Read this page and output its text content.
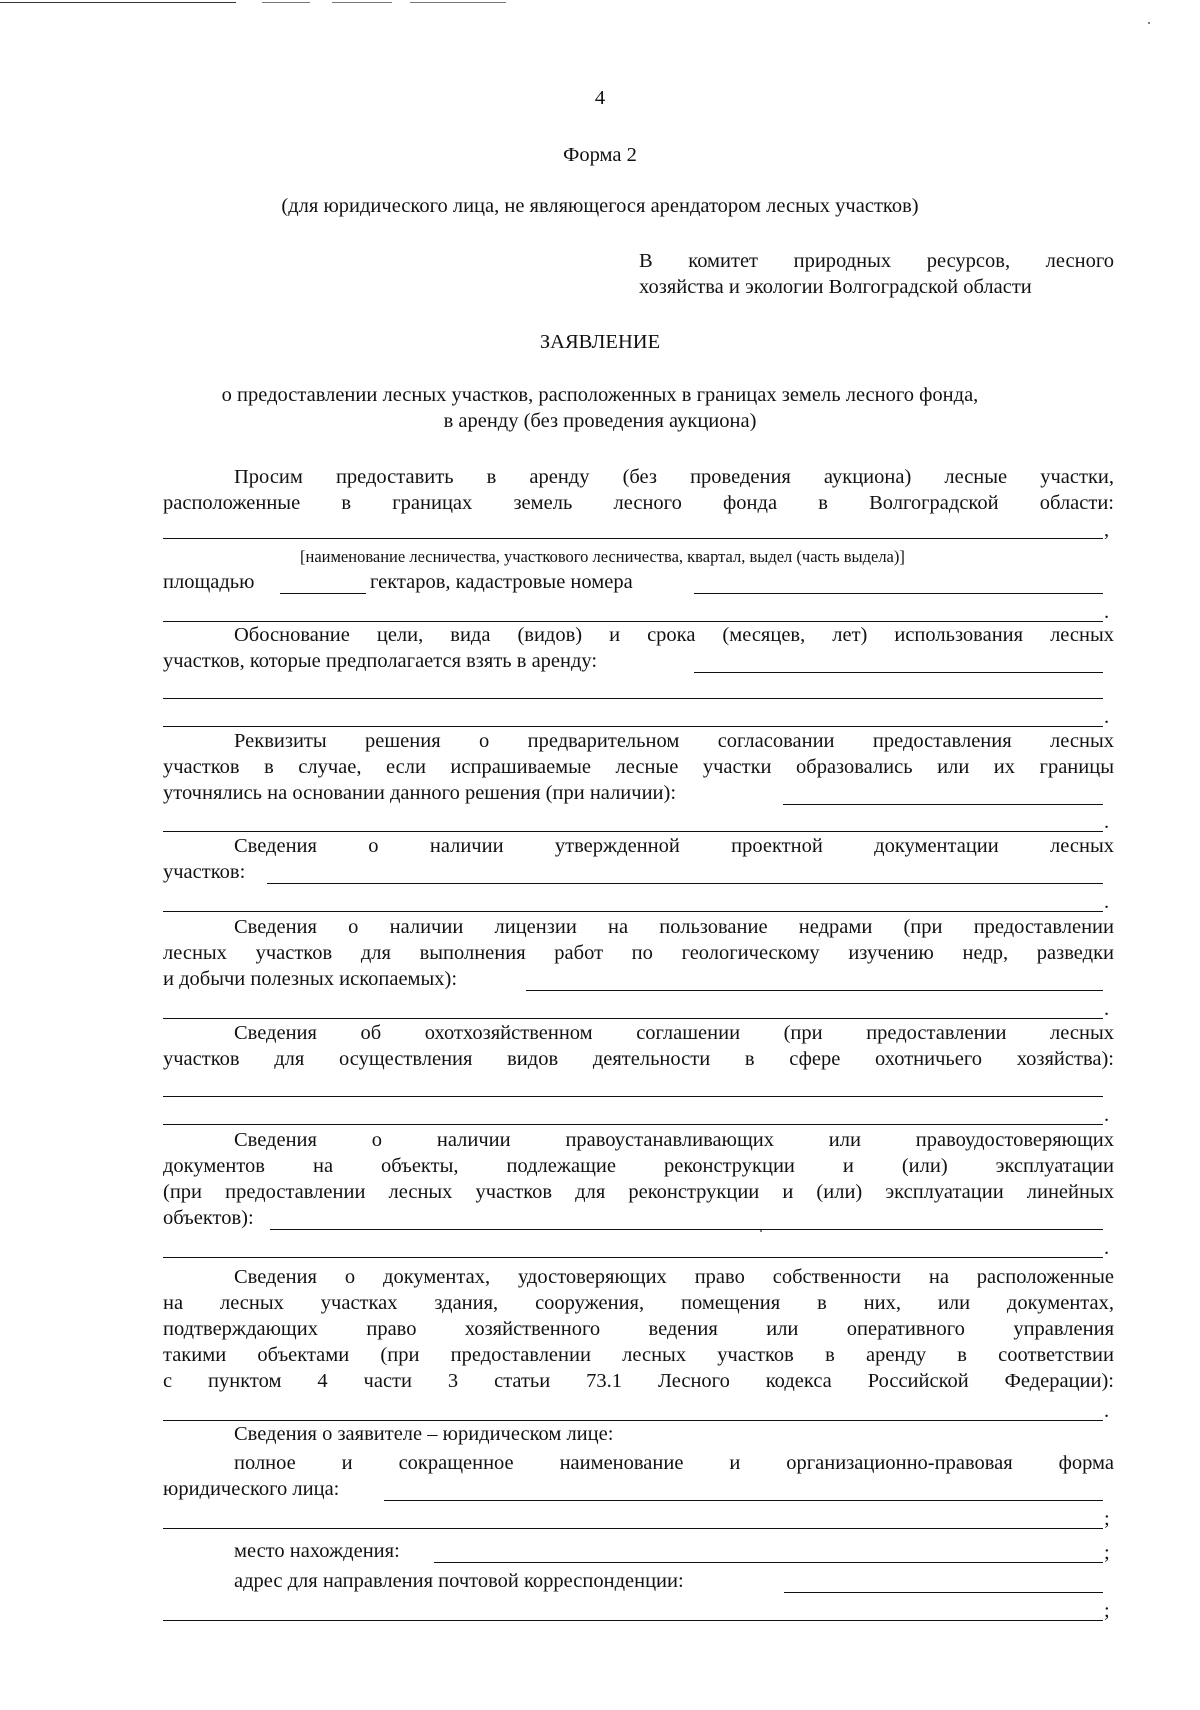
4
Форма 2
(для юридического лица, не являющегося арендатором лесных участков)
В комитет природных ресурсов, лесного
хозяйства и экологии Волгоградской области
ЗАЯВЛЕНИЕ
о предоставлении лесных участков, расположенных в границах земель лесного фонда,
в аренду (без проведения аукциона)
Просим предоставить в аренду (без проведения аукциона) лесные участки,
расположенные в границах земель лесного фонда в Волгоградской области:
,
[наименование лесничества, участкового лесничества, квартал, выдел (часть выдела)]
площадью	гектаров, кадастровые номера
.
Обоснование цели, вида (видов) и срока (месяцев, лет) использования лесных
участков, которые предполагается взять в аренду:
.
Реквизиты решения о предварительном согласовании предоставления лесных
участков в случае, если испрашиваемые лесные участки образовались или их границы
уточнялись на основании данного решения (при наличии):
.
Сведения о наличии утвержденной проектной документации лесных
участков:
.
Сведения о наличии лицензии на пользование недрами (при предоставлении
лесных участков для выполнения работ по геологическому изучению недр, разведки
и добычи полезных ископаемых):
.
Сведения об охотхозяйственном соглашении (при предоставлении лесных
участков для осуществления видов деятельности в сфере охотничьего хозяйства):
.
Сведения о наличии правоустанавливающих или правоудостоверяющих
документов на объекты, подлежащие реконструкции и (или) эксплуатации
(при предоставлении лесных участков для реконструкции и (или) эксплуатации линейных
объектов):
.
Сведения о документах, удостоверяющих право собственности на расположенные
на лесных участках здания, сооружения, помещения в них, или документах,
подтверждающих право хозяйственного ведения или оперативного управления
такими объектами (при предоставлении лесных участков в аренду в соответствии
с пунктом 4 части 3 статьи 73.1 Лесного кодекса Российской Федерации):
.
Сведения о заявителе – юридическом лице:
полное и сокращенное наименование и организационно-правовая форма
юридического лица:
;
место нахождения:	;
адрес для направления почтовой корреспонденции:
;
